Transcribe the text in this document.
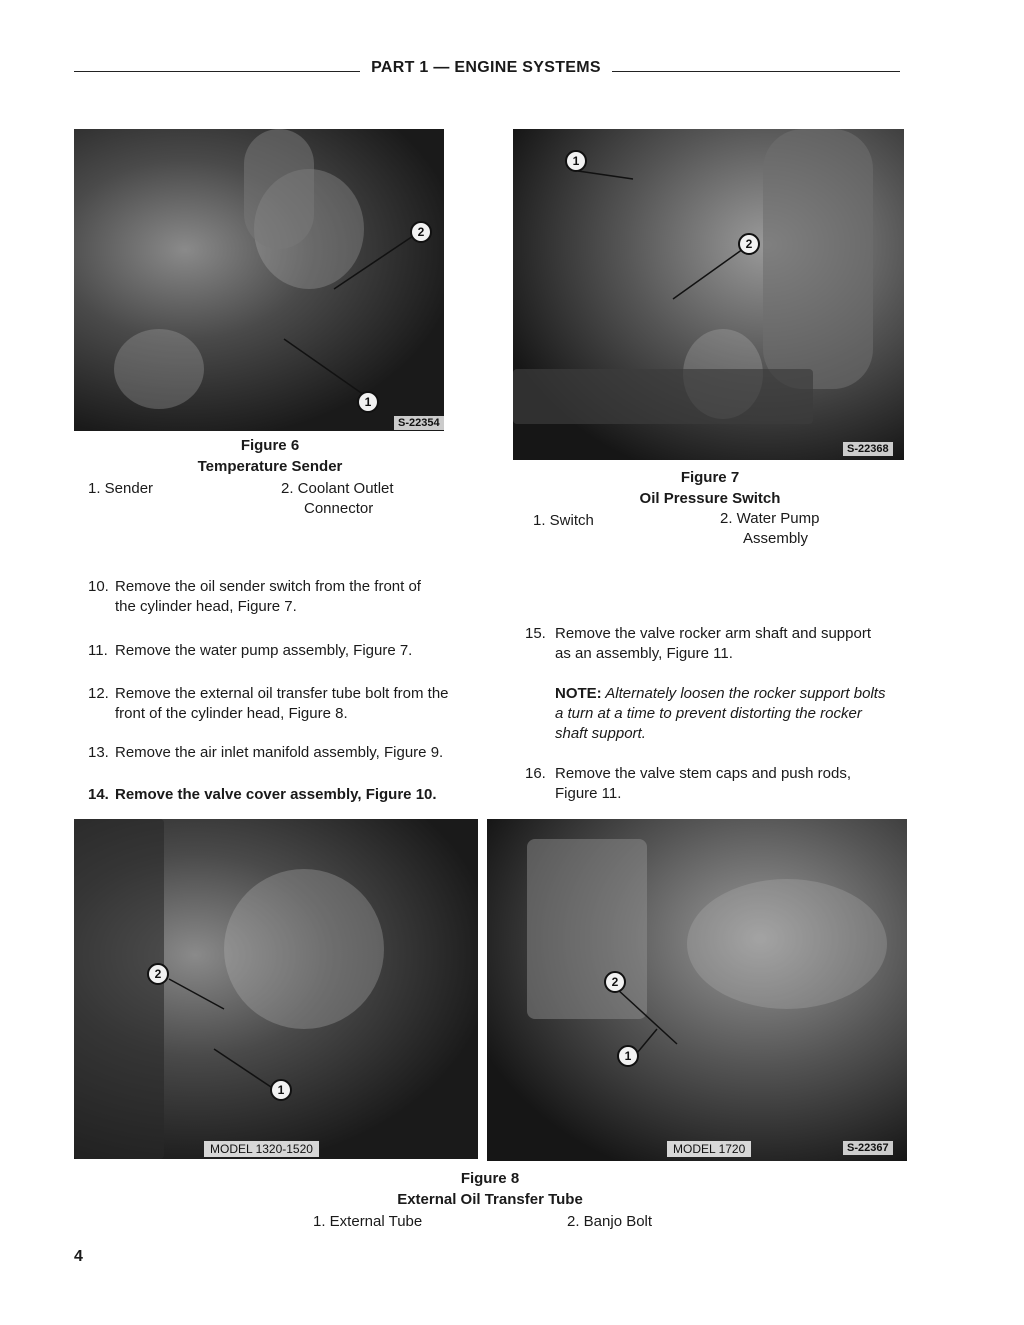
PART 1 — ENGINE SYSTEMS
2
1
S-22354
Figure 6
Temperature Sender
1. Sender	2. Coolant Outlet
Connector
1
2
S-22368
Figure 7
Oil Pressure Switch
1. Switch	2. Water Pump
Assembly
10. Remove the oil sender switch from the front of
the cylinder head, Figure 7.
11. Remove the water pump assembly, Figure 7.
12. Remove the external oil transfer tube bolt from the
front of the cylinder head, Figure 8.
13. Remove the air inlet manifold assembly, Figure 9.
14. Remove the valve cover assembly, Figure 10.
15. Remove the valve rocker arm shaft and support
as an assembly, Figure 11.
NOTE: Alternately loosen the rocker support bolts
a turn at a time to prevent distorting the rocker
shaft support.
16. Remove the valve stem caps and push rods,
Figure 11.
2
1
MODEL 1320-1520
2
1
MODEL 1720	S-22367
Figure 8
External Oil Transfer Tube
1. External Tube	2. Banjo Bolt
4
